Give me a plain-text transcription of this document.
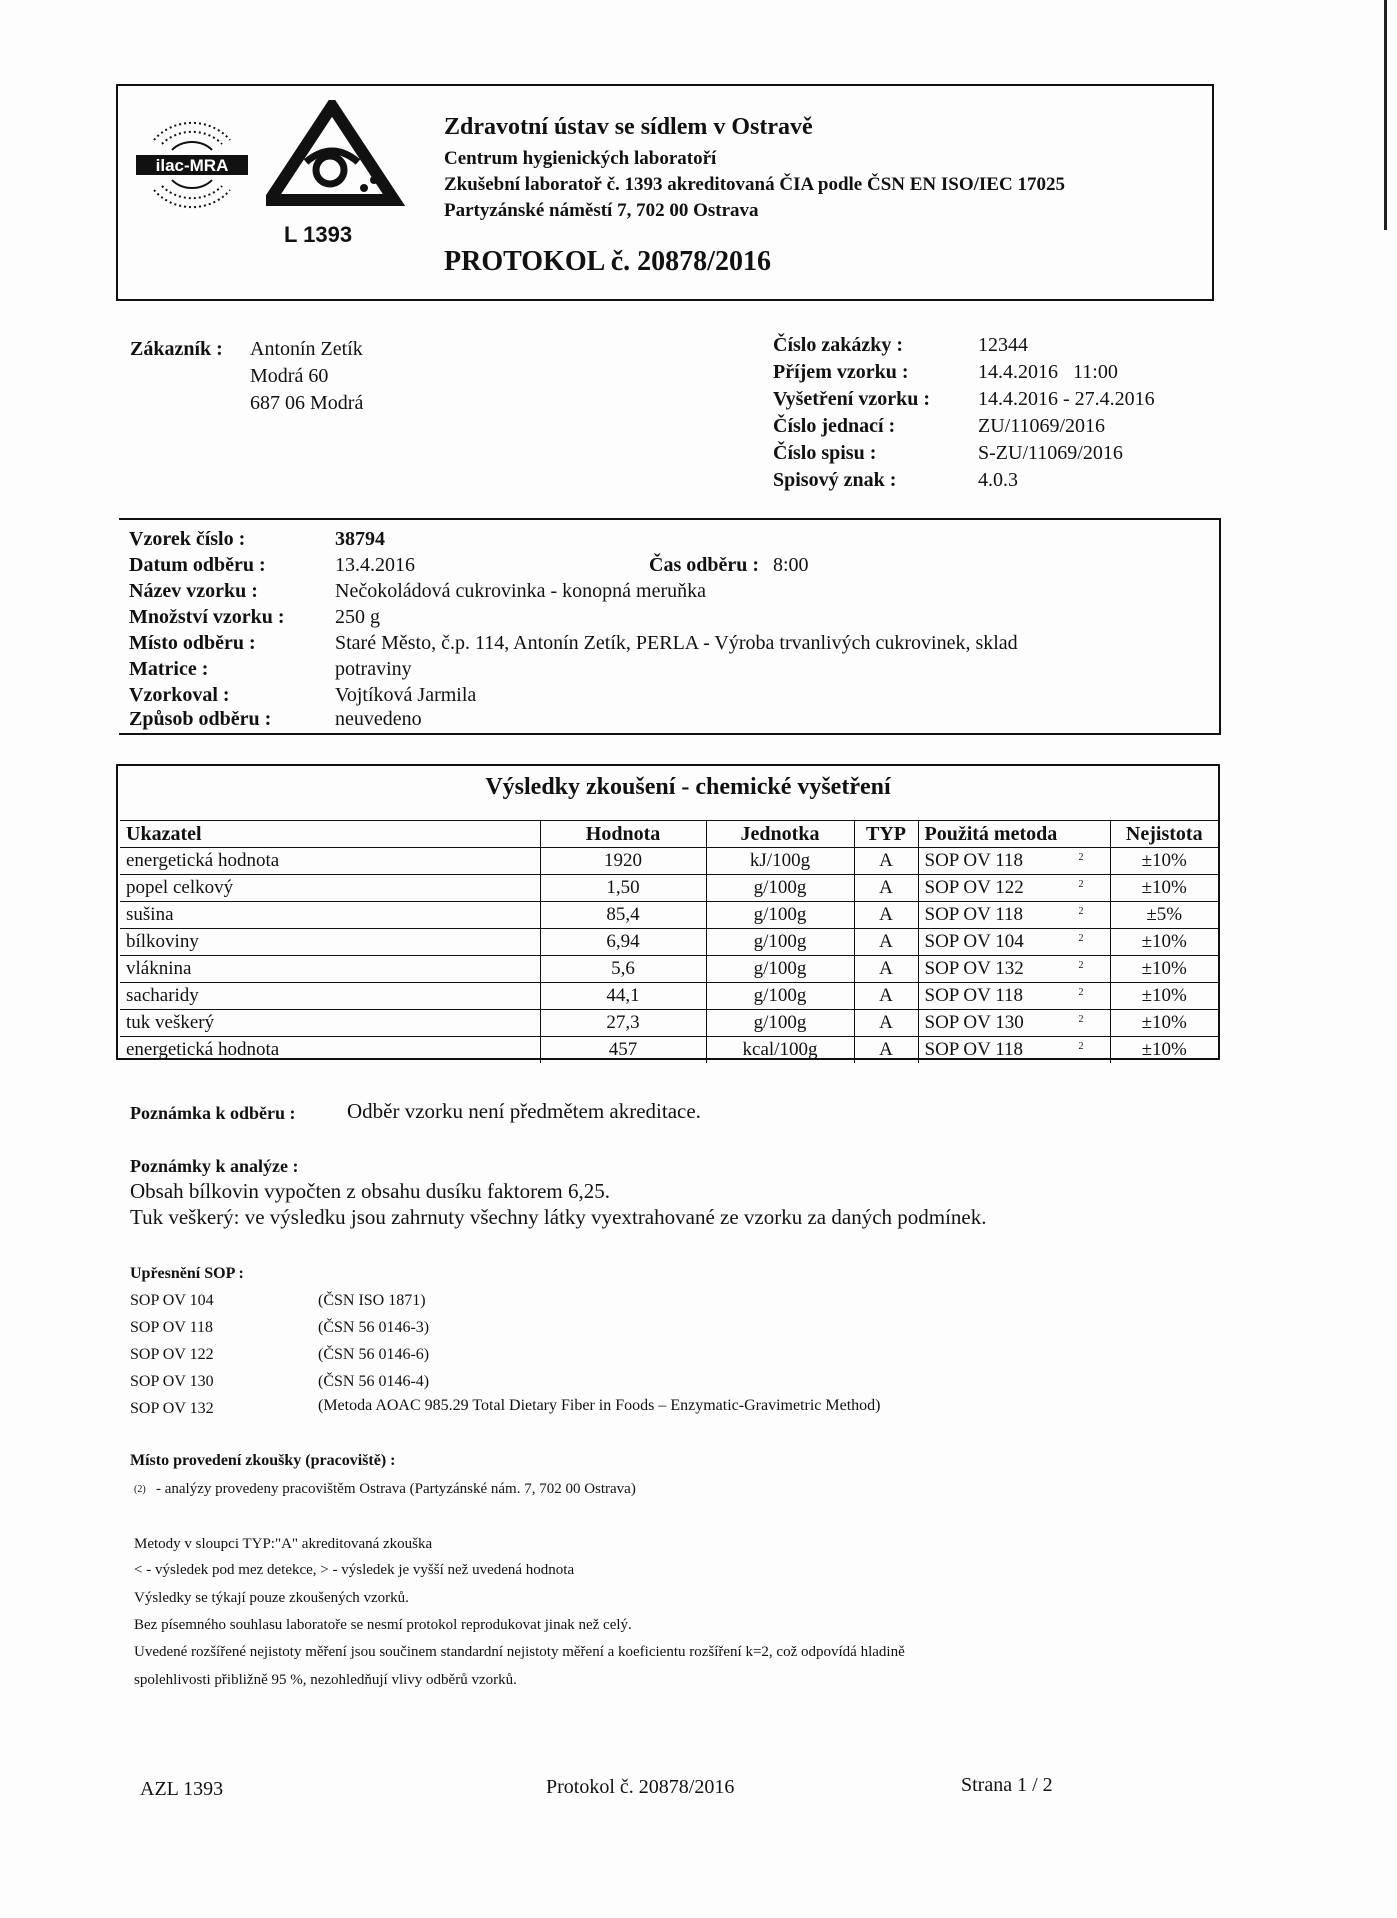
ilac-MRA
L 1393
Zdravotní ústav se sídlem v Ostravě
Centrum hygienických laboratoří
Zkušební laboratoř č. 1393 akreditovaná ČIA podle ČSN EN ISO/IEC 17025
Partyzánské náměstí 7, 702 00 Ostrava
PROTOKOL č. 20878/2016
Zákazník : Antonín Zetík
Modrá 60
687 06 Modrá
Číslo zakázky :	12344
Příjem vzorku :	14.4.2016   11:00
Vyšetření vzorku : 14.4.2016 - 27.4.2016
Číslo jednací :	ZU/11069/2016
Číslo spisu :	S-ZU/11069/2016
Spisový znak :	4.0.3
Vzorek číslo :	38794
Datum odběru :	13.4.2016	Čas odběru : 8:00
Název vzorku :	Nečokoládová cukrovinka - konopná meruňka
Množství vzorku :	250 g
Místo odběru :	Staré Město, č.p. 114, Antonín Zetík, PERLA - Výroba trvanlivých cukrovinek, sklad
Matrice :	potraviny
Vzorkoval :	Vojtíková Jarmila
Způsob odběru :	neuvedeno
Výsledky zkoušení - chemické vyšetření
Ukazatel	Hodnota	Jednotka	TYP	Použitá metoda	Nejistota
energetická hodnota	1920	kJ/100g	A	SOP OV 118 2	±10%
popel celkový	1,50	g/100g	A	SOP OV 122 2	±10%
sušina	85,4	g/100g	A	SOP OV 118 2	±5%
bílkoviny	6,94	g/100g	A	SOP OV 104 2	±10%
vláknina	5,6	g/100g	A	SOP OV 132 2	±10%
sacharidy	44,1	g/100g	A	SOP OV 118 2	±10%
tuk veškerý	27,3	g/100g	A	SOP OV 130 2	±10%
energetická hodnota	457	kcal/100g	A	SOP OV 118 2	±10%
Poznámka k odběru : Odběr vzorku není předmětem akreditace.
Poznámky k analýze :
Obsah bílkovin vypočten z obsahu dusíku faktorem 6,25.
Tuk veškerý: ve výsledku jsou zahrnuty všechny látky vyextrahované ze vzorku za daných podmínek.
Upřesnění SOP :
SOP OV 104	(ČSN ISO 1871)
SOP OV 118	(ČSN 56 0146-3)
SOP OV 122	(ČSN 56 0146-6)
SOP OV 130	(ČSN 56 0146-4)
SOP OV 132	(Metoda AOAC 985.29 Total Dietary Fiber in Foods – Enzymatic-Gravimetric Method)
Místo provedení zkoušky (pracoviště) :
(2) - analýzy provedeny pracovištěm Ostrava (Partyzánské nám. 7, 702 00 Ostrava)
Metody v sloupci TYP:"A" akreditovaná zkouška
< - výsledek pod mez detekce, > - výsledek je vyšší než uvedená hodnota
Výsledky se týkají pouze zkoušených vzorků.
Bez písemného souhlasu laboratoře se nesmí protokol reprodukovat jinak než celý.
Uvedené rozšířené nejistoty měření jsou součinem standardní nejistoty měření a koeficientu rozšíření k=2, což odpovídá hladině
spolehlivosti přibližně 95 %, nezohledňují vlivy odběrů vzorků.
AZL 1393	Protokol č. 20878/2016	Strana 1 / 2
